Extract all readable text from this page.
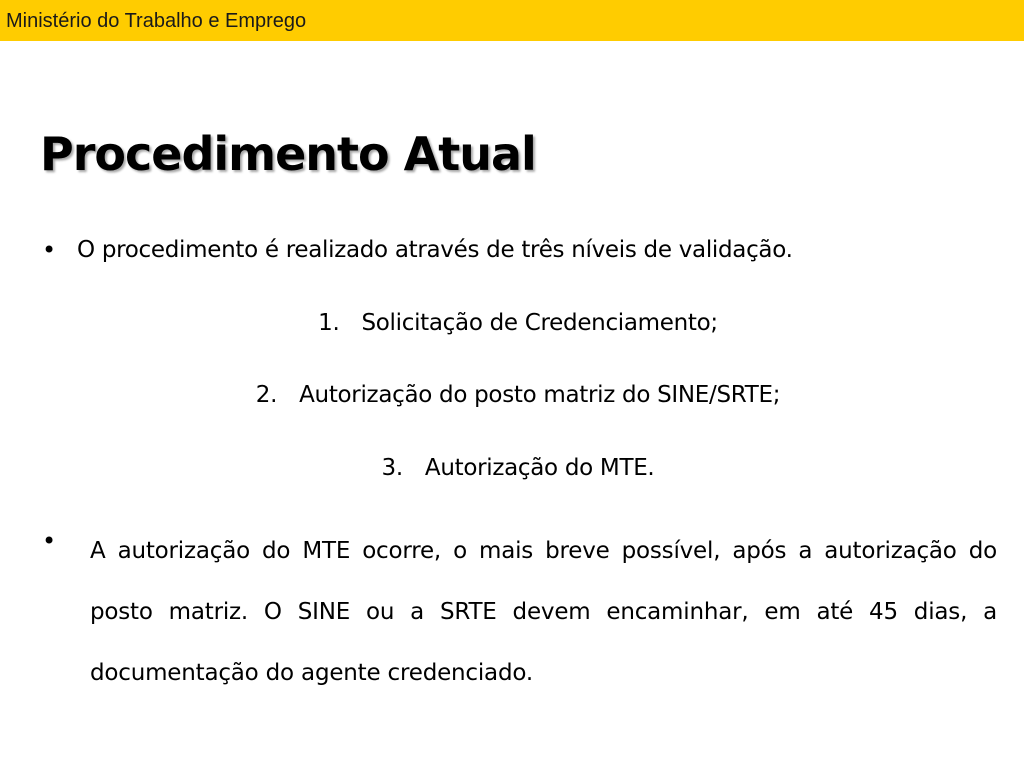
Ministério do Trabalho e Emprego
Procedimento Atual
• O procedimento é realizado através de três níveis de validação.
1. Solicitação de Credenciamento;
2. Autorização do posto matriz do SINE/SRTE;
3. Autorização do MTE.
• A autorização do MTE ocorre, o mais breve possível, após a autorização do posto matriz. O SINE ou a SRTE devem encaminhar, em até 45 dias, a documentação do agente credenciado.
